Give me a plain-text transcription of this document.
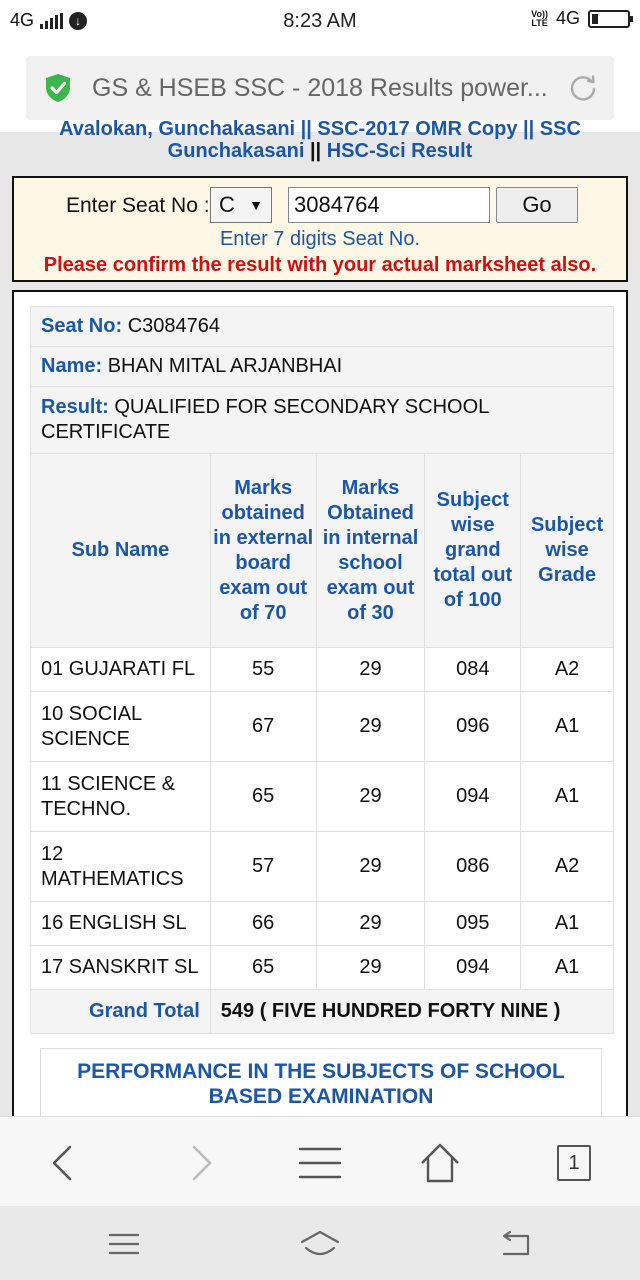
4G	↓	8:23 AM	Vo))
LTE 4G
GS & HSEB SSC - 2018 Results power...
Avalokan, Gunchakasani || SSC-2017 OMR Copy || SSC
Gunchakasani || HSC-Sci Result
Enter Seat No : C ▼ 3084764	Go
Enter 7 digits Seat No.
Please confirm the result with your actual marksheet also.
Seat No: C3084764				
Name: BHAN MITAL ARJANBHAI				
Result: QUALIFIED FOR SECONDARY SCHOOL CERTIFICATE				
Sub Name	Marks obtained in external board exam out of 70	Marks Obtained in internal school exam out of 30	Subject wise grand total out of 100	Subject wise Grade
01 GUJARATI FL	55	29	084	A2
10 SOCIAL SCIENCE	67	29	096	A1
11 SCIENCE & TECHNO.	65	29	094	A1
12 MATHEMATICS	57	29	086	A2
16 ENGLISH SL	66	29	095	A1
17 SANSKRIT SL	65	29	094	A1
Grand Total	549 ( FIVE HUNDRED FORTY NINE )			
PERFORMANCE IN THE SUBJECTS OF SCHOOL BASED EXAMINATION
1
